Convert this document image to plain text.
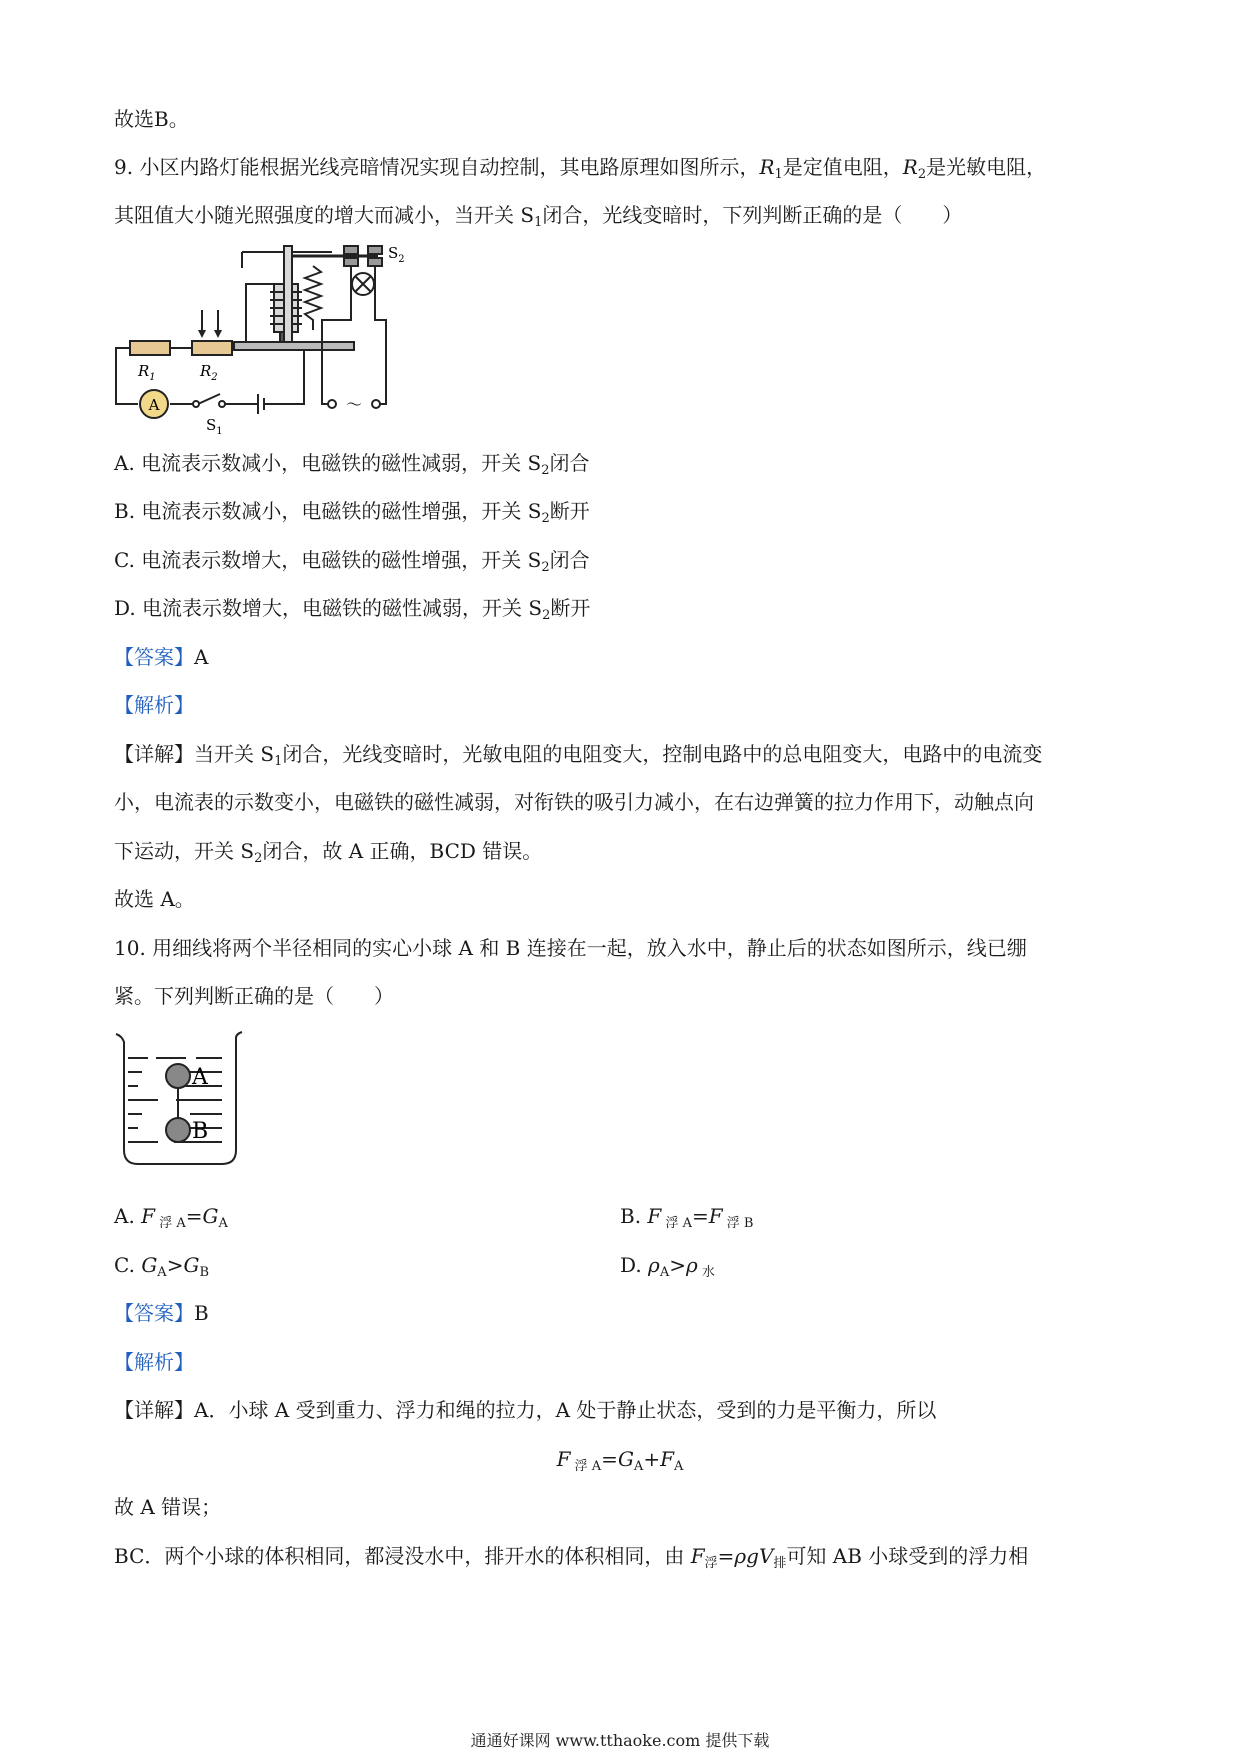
故选B。
9. 小区内路灯能根据光线亮暗情况实现自动控制，其电路原理如图所示，$R_1$是定值电阻，$R_2$是光敏电阻，
其阻值大小随光照强度的增大而减小，当开关 $S_1$闭合，光线变暗时，下列判断正确的是（　　）
A
$R_1$	$R_2$
$S_1$
$S_2$
～
A. 电流表示数减小，电磁铁的磁性减弱，开关 $S_2$闭合
B. 电流表示数减小，电磁铁的磁性增强，开关 $S_2$断开
C. 电流表示数增大，电磁铁的磁性增强，开关 $S_2$闭合
D. 电流表示数增大，电磁铁的磁性减弱，开关 $S_2$断开
【答案】A
【解析】
【详解】当开关 $S_1$闭合，光线变暗时，光敏电阻的电阻变大，控制电路中的总电阻变大，电路中的电流变
小，电流表的示数变小，电磁铁的磁性减弱，对衔铁的吸引力减小，在右边弹簧的拉力作用下，动触点向
下运动，开关 $S_2$闭合，故 A 正确，BCD 错误。
故选 A。
10. 用细线将两个半径相同的实心小球 A 和 B 连接在一起，放入水中，静止后的状态如图所示，线已绷
紧。下列判断正确的是（　　）
A
B
A. F $_{浮 A}=G_A$	B. F $_{浮 A}$=F $_{浮 B}$
C. $G_A>G_B$	D. $\rho_A>\rho$ $_水$
【答案】B
【解析】
【详解】A．小球 A 受到重力、浮力和绳的拉力，A 处于静止状态，受到的力是平衡力，所以
F $_{浮 A}=G_A+F_A$
故 A 错误；
BC．两个小球的体积相同，都浸没水中，排开水的体积相同，由 $F_浮=\rho gV_排$可知 AB 小球受到的浮力相
通通好课网 www.tthaoke.com 提供下载
